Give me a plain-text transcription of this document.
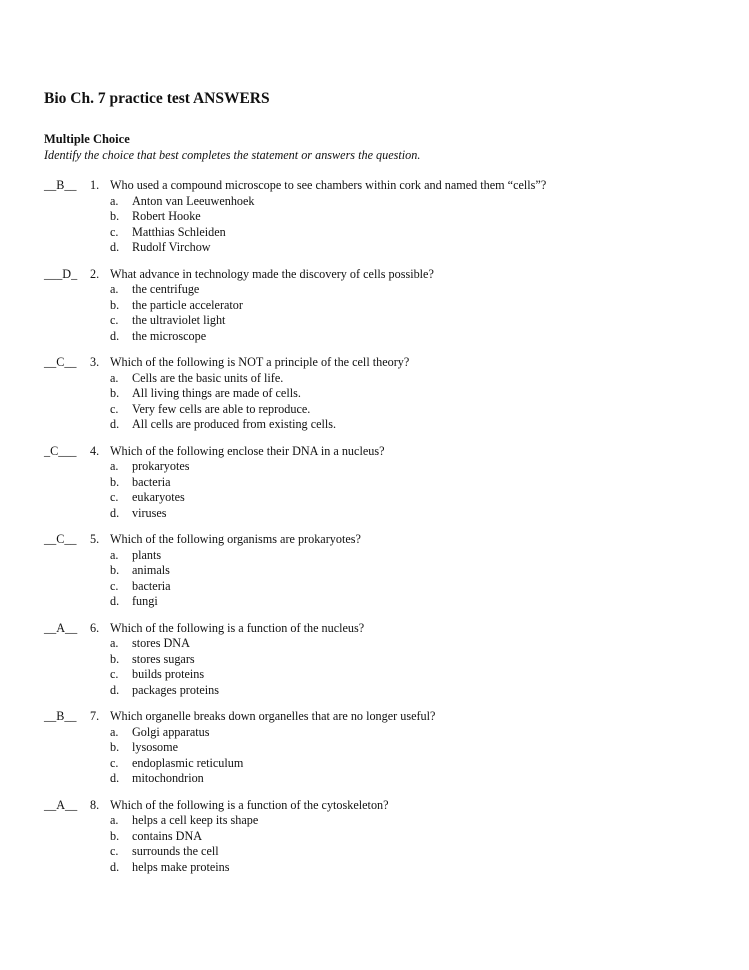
Bio Ch. 7 practice test ANSWERS
Multiple Choice
Identify the choice that best completes the statement or answers the question.
__B__ 1. Who used a compound microscope to see chambers within cork and named them “cells”?
a. Anton van Leeuwenhoek
b. Robert Hooke
c. Matthias Schleiden
d. Rudolf Virchow
___D_ 2. What advance in technology made the discovery of cells possible?
a. the centrifuge
b. the particle accelerator
c. the ultraviolet light
d. the microscope
__C__ 3. Which of the following is NOT a principle of the cell theory?
a. Cells are the basic units of life.
b. All living things are made of cells.
c. Very few cells are able to reproduce.
d. All cells are produced from existing cells.
_C___ 4. Which of the following enclose their DNA in a nucleus?
a. prokaryotes
b. bacteria
c. eukaryotes
d. viruses
__C__ 5. Which of the following organisms are prokaryotes?
a. plants
b. animals
c. bacteria
d. fungi
__A__ 6. Which of the following is a function of the nucleus?
a. stores DNA
b. stores sugars
c. builds proteins
d. packages proteins
__B__ 7. Which organelle breaks down organelles that are no longer useful?
a. Golgi apparatus
b. lysosome
c. endoplasmic reticulum
d. mitochondrion
__A__ 8. Which of the following is a function of the cytoskeleton?
a. helps a cell keep its shape
b. contains DNA
c. surrounds the cell
d. helps make proteins
